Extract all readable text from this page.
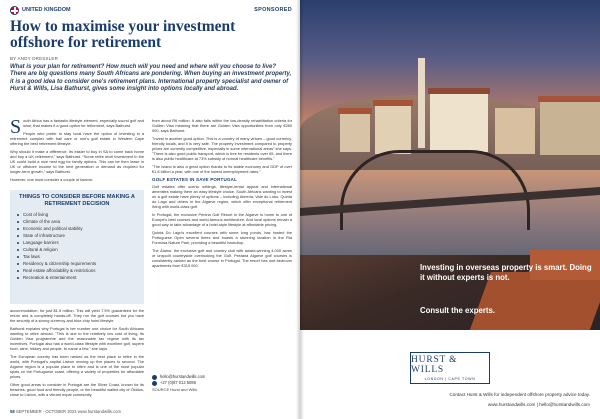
UNITED KINGDOM	SPONSORED
How to maximise your investment offshore for retirement
BY ANDY DRESSLER

What is your plan for retirement? How much will you need and where will you choose to live? There are big questions many South Africans are pondering. When buying an investment property, it is a good idea to consider one's retirement plans. International property specialist and owner of Hurst & Wills, Lisa Bathurst, gives some insight into options locally and abroad.

South Africa has a fantastic lifestyle element, especially sound golf and wine, that makes it a good option for retirement, says Bathurst.

People who prefer to stay local have the option of investing in a retirement complex with frail care or one's golf estate in Western Cape offering the best retirement lifestyle.

Why should it make a difference. Its easier to buy in SA to come back home and buy a UK retirement," says Bathurst. "Some retire level investment in the UK could build a nice nest egg for family options. This can be then lease in UK or offshore income to the next generation or demand as required for longer-term growth," says Bathurst.

However, one must consider a couple of factors:

THINGS TO CONSIDER BEFORE MAKING A RETIREMENT DECISION
Cost of living
Climate of the area
Economic and political stability
State of infrastructure
Language barriers
Cultural & religion
Tax laws
Residency & citizenship requirements
Real estate affordability & restrictions
Recreation & entertainment

accommodation, for just $1.5 million. This will yield 7.5% guaranteed for the return and is completely hands-off. They run the golf courses but you have the security of a strong currency and blue-chip hotel lifestyle.

Bathurst explains why Portugal is her number one choice for South Africans wanting to retire abroad. "This is due to the relatively low cost of living, its Golden Visa programme and the reasonable tax regime with its tax incentives. Portugal also has a world-class lifestyle with excellent golf, superb food, wine, history and people, to name a few," she says.

The European country has been ranked as the best place to retire in the world, with Portugal's capital Lisbon moving up five places to second. The Algarve region is a popular place to retire and is one of the most popular spots on the Portuguese coast, offering a variety of properties for affordable prices.

Other good areas to consider in Portugal are the Silver Coast, known for its beaches, good food and friendly people, or the beautiful walled city of Óbidos, close to Lisbon, with a vibrant expat community.

from about R6 million. It also falls within the low-density rehabilitation criteria for Golden Visa meaning that there are Golden Visa opportunities from only €280 000, says Bathurst.

"Invest in another good option. This is a country of many virtues – good currency, friendly locals, and it is very safe. The property investment compared to property prices are currently competitive, especially in some international areas" she says. "There is also good public transport, which is free for residents over 65, and there is also public healthcare at 73% subsidy of normal healthcare benefits."

"The island is also a great option thanks to its stable economy and GDP of over €1.8 billion a year, with one of the lowest unemployment rates."

GOLF ESTATES IN SAVE PORTUGAL

Golf estates offer scenic settings, lifestyle-rental appeal and international amenities making them an easy lifestyle choice. South Africans wanting to invest on a golf estate have plenty of options – including Almeria, Vale do Lobo, Quinta do Lago and others in the Algarve region, which offer exceptional retirement living with world-class golf.

In Portugal, the exclusive Penina Golf Resort in the Algarve is home to one of Europe's best courses and world-famous architecture. And local options remain a good way to take advantage of a hotel-style lifestyle at affordable pricing.

Quinta Do Lago's excellent courses with some long ponds, has hosted the Portuguese Open several times and boasts a stunning location in the Ria Formosa Nature Park, providing a beautiful backdrop.

The Álamo: the exclusive golf and country club with award-winning 4,000 acres of unspoilt countryside overlooking the Gulf. Pestana Algarve golf courses is consistently ranked as the best course in Portugal. The resort has one-bedroom apartments from €315 000.

hello@hurstandwills.com
+27 (0)87 012 5098
SOURCE Hurst and Wills
58 SEPTEMBER - OCTOBER 2023 www.hurstandwills.com
Investing in overseas property is smart. Doing it without experts is not.
Consult the experts.
HURST & WILLS
LONDON | CAPE TOWN
Contact Hurst & Wills for independent offshore property advice today.
www.hurstandwills.com | hello@hurstandwills.com
